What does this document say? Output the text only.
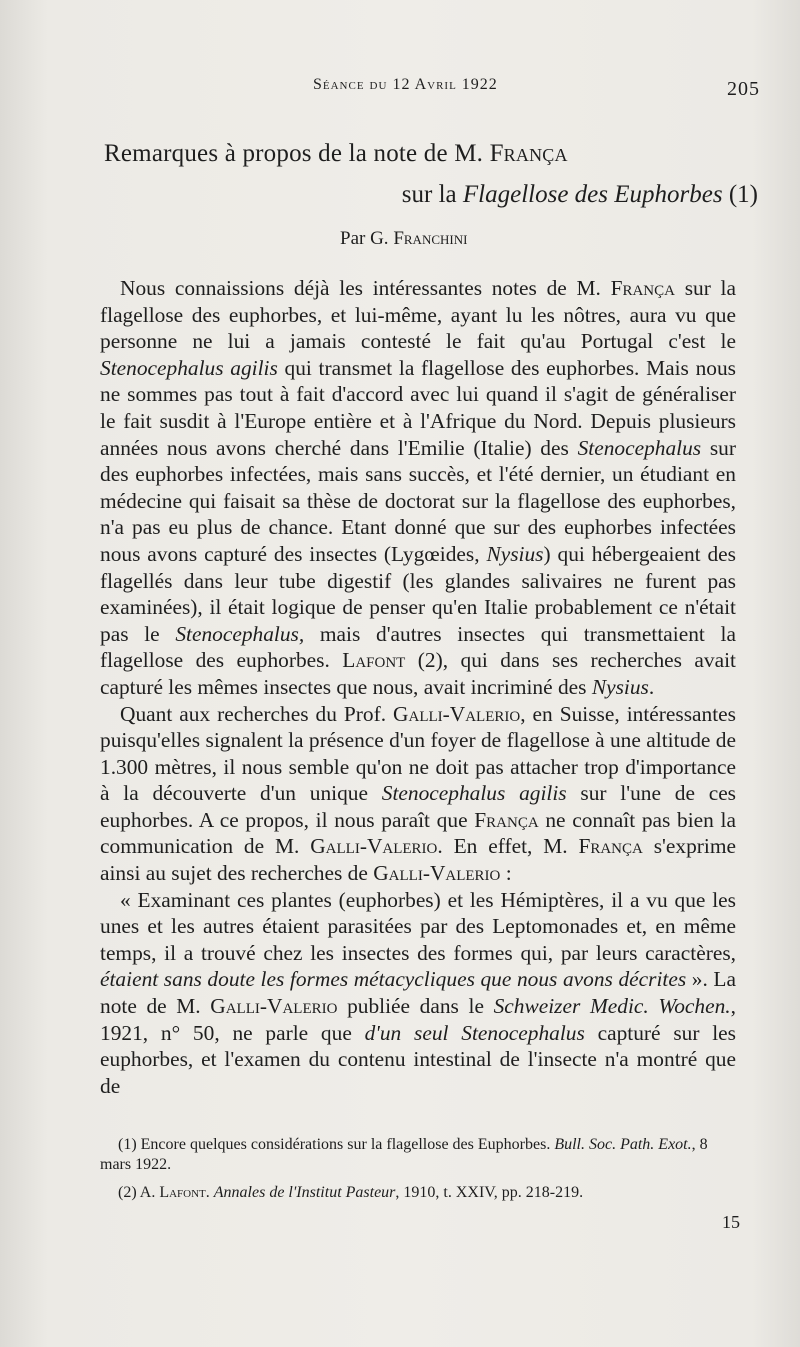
Séance du 12 Avril 1922	205
Remarques à propos de la note de M. França
sur la Flagellose des Euphorbes (1)
Par G. Franchini

Nous connaissions déjà les intéressantes notes de M. França sur la flagellose des euphorbes, et lui-même, ayant lu les nôtres, aura vu que personne ne lui a jamais contesté le fait qu'au Portugal c'est le Stenocephalus agilis qui transmet la flagellose des euphorbes. Mais nous ne sommes pas tout à fait d'accord avec lui quand il s'agit de généraliser le fait susdit à l'Europe entière et à l'Afrique du Nord. Depuis plusieurs années nous avons cherché dans l'Emilie (Italie) des Stenocephalus sur des euphorbes infectées, mais sans succès, et l'été dernier, un étudiant en médecine qui faisait sa thèse de doctorat sur la flagellose des euphorbes, n'a pas eu plus de chance. Etant donné que sur des euphorbes infectées nous avons capturé des insectes (Lygœides, Nysius) qui hébergeaient des flagellés dans leur tube digestif (les glandes salivaires ne furent pas examinées), il était logique de penser qu'en Italie probablement ce n'était pas le Stenocephalus, mais d'autres insectes qui transmettaient la flagellose des euphorbes. Lafont (2), qui dans ses recherches avait capturé les mêmes insectes que nous, avait incriminé des Nysius.

Quant aux recherches du Prof. Galli-Valerio, en Suisse, intéressantes puisqu'elles signalent la présence d'un foyer de flagellose à une altitude de 1.300 mètres, il nous semble qu'on ne doit pas attacher trop d'importance à la découverte d'un unique Stenocephalus agilis sur l'une de ces euphorbes. A ce propos, il nous paraît que França ne connaît pas bien la communication de M. Galli-Valerio. En effet, M. França s'exprime ainsi au sujet des recherches de Galli-Valerio :

« Examinant ces plantes (euphorbes) et les Hémiptères, il a vu que les unes et les autres étaient parasitées par des Leptomonades et, en même temps, il a trouvé chez les insectes des formes qui, par leurs caractères, étaient sans doute les formes métacycliques que nous avons décrites ». La note de M. Galli-Valerio publiée dans le Schweizer Medic. Wochen., 1921, n° 50, ne parle que d'un seul Stenocephalus capturé sur les euphorbes, et l'examen du contenu intestinal de l'insecte n'a montré que de

(1) Encore quelques considérations sur la flagellose des Euphorbes. Bull. Soc. Path. Exot., 8 mars 1922.

(2) A. Lafont. Annales de l'Institut Pasteur, 1910, t. XXIV, pp. 218-219.

15
